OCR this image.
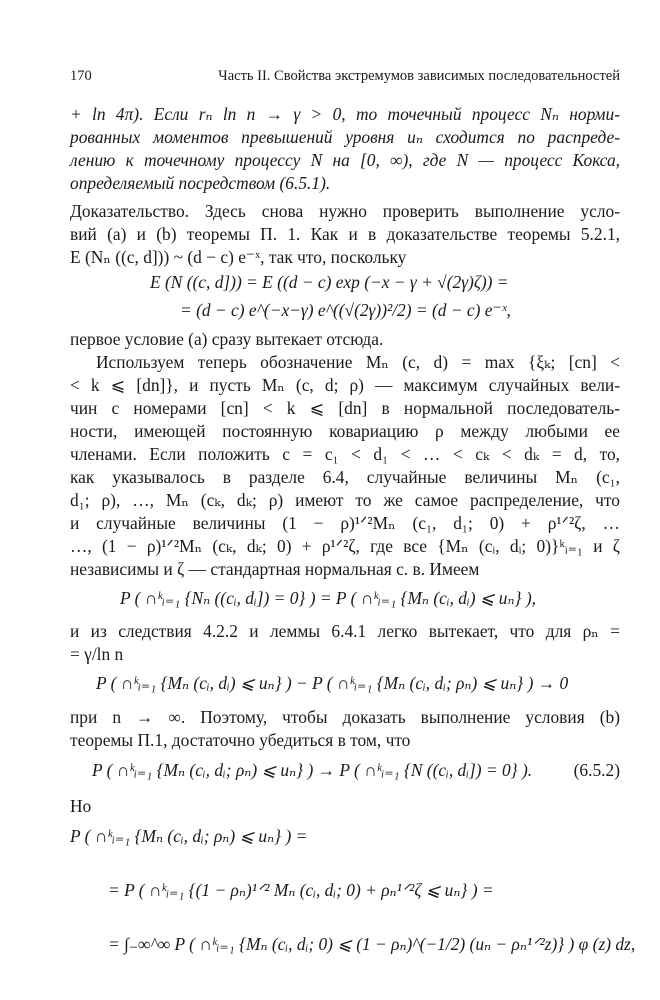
170	Часть II. Свойства экстремумов зависимых последовательностей
+ ln 4π). Если rₙ ln n → γ > 0, то точечный процесс Nₙ норми-
рованных моментов превышений уровня uₙ сходится по распреде-
лению к точечному процессу N на [0, ∞), где N — процесс Кокса,
определяемый посредством (6.5.1).
Доказательство. Здесь снова нужно проверить выполнение усло-
вий (a) и (b) теоремы П. 1. Как и в доказательстве теоремы 5.2.1,
E (Nₙ ((c, d])) ~ (d − c) e⁻ˣ, так что, поскольку
E (N ((c, d])) = E ((d − c) exp (−x − γ + √(2γ)ζ)) =
= (d − c) e^(−x−γ) e^((√(2γ))²/2) = (d − c) e⁻ˣ,
первое условие (a) сразу вытекает отсюда.
Используем теперь обозначение Mₙ (c, d) = max {ξₖ; [cn] <
< k ⩽ [dn]}, и пусть Mₙ (c, d; ρ) — максимум случайных вели-
чин с номерами [cn] < k ⩽ [dn] в нормальной последователь-
ности, имеющей постоянную ковариацию ρ между любыми ее
членами. Если положить c = c₁ < d₁ < … < cₖ < dₖ = d, то,
как указывалось в разделе 6.4, случайные величины Mₙ (c₁,
d₁; ρ), …, Mₙ (cₖ, dₖ; ρ) имеют то же самое распределение, что
и случайные величины (1 − ρ)¹ᐟ²Mₙ (c₁, d₁; 0) + ρ¹ᐟ²ζ, …
…, (1 − ρ)¹ᐟ²Mₙ (cₖ, dₖ; 0) + ρ¹ᐟ²ζ, где все {Mₙ (cᵢ, dᵢ; 0)}ᵏᵢ₌₁ и ζ
независимы и ζ — стандартная нормальная с. в. Имеем
P ( ∩ᵏᵢ₌₁ {Nₙ ((cᵢ, dᵢ]) = 0} ) = P ( ∩ᵏᵢ₌₁ {Mₙ (cᵢ, dᵢ) ⩽ uₙ} ),
и из следствия 4.2.2 и леммы 6.4.1 легко вытекает, что для ρₙ =
= γ/ln n
P ( ∩ᵏᵢ₌₁ {Mₙ (cᵢ, dᵢ) ⩽ uₙ} ) − P ( ∩ᵏᵢ₌₁ {Mₙ (cᵢ, dᵢ; ρₙ) ⩽ uₙ} ) → 0
при n → ∞. Поэтому, чтобы доказать выполнение условия (b)
теоремы П.1, достаточно убедиться в том, что
P ( ∩ᵏᵢ₌₁ {Mₙ (cᵢ, dᵢ; ρₙ) ⩽ uₙ} ) → P ( ∩ᵏᵢ₌₁ {N ((cᵢ, dᵢ]) = 0} ). (6.5.2)
Но
P ( ∩ᵏᵢ₌₁ {Mₙ (cᵢ, dᵢ; ρₙ) ⩽ uₙ} ) =
= P ( ∩ᵏᵢ₌₁ {(1 − ρₙ)¹ᐟ² Mₙ (cᵢ, dᵢ; 0) + ρₙ¹ᐟ²ζ ⩽ uₙ} ) =
= ∫₋∞^∞ P ( ∩ᵏᵢ₌₁ {Mₙ (cᵢ, dᵢ; 0) ⩽ (1 − ρₙ)^(−1/2) (uₙ − ρₙ¹ᐟ²z)} ) φ (z) dz,
